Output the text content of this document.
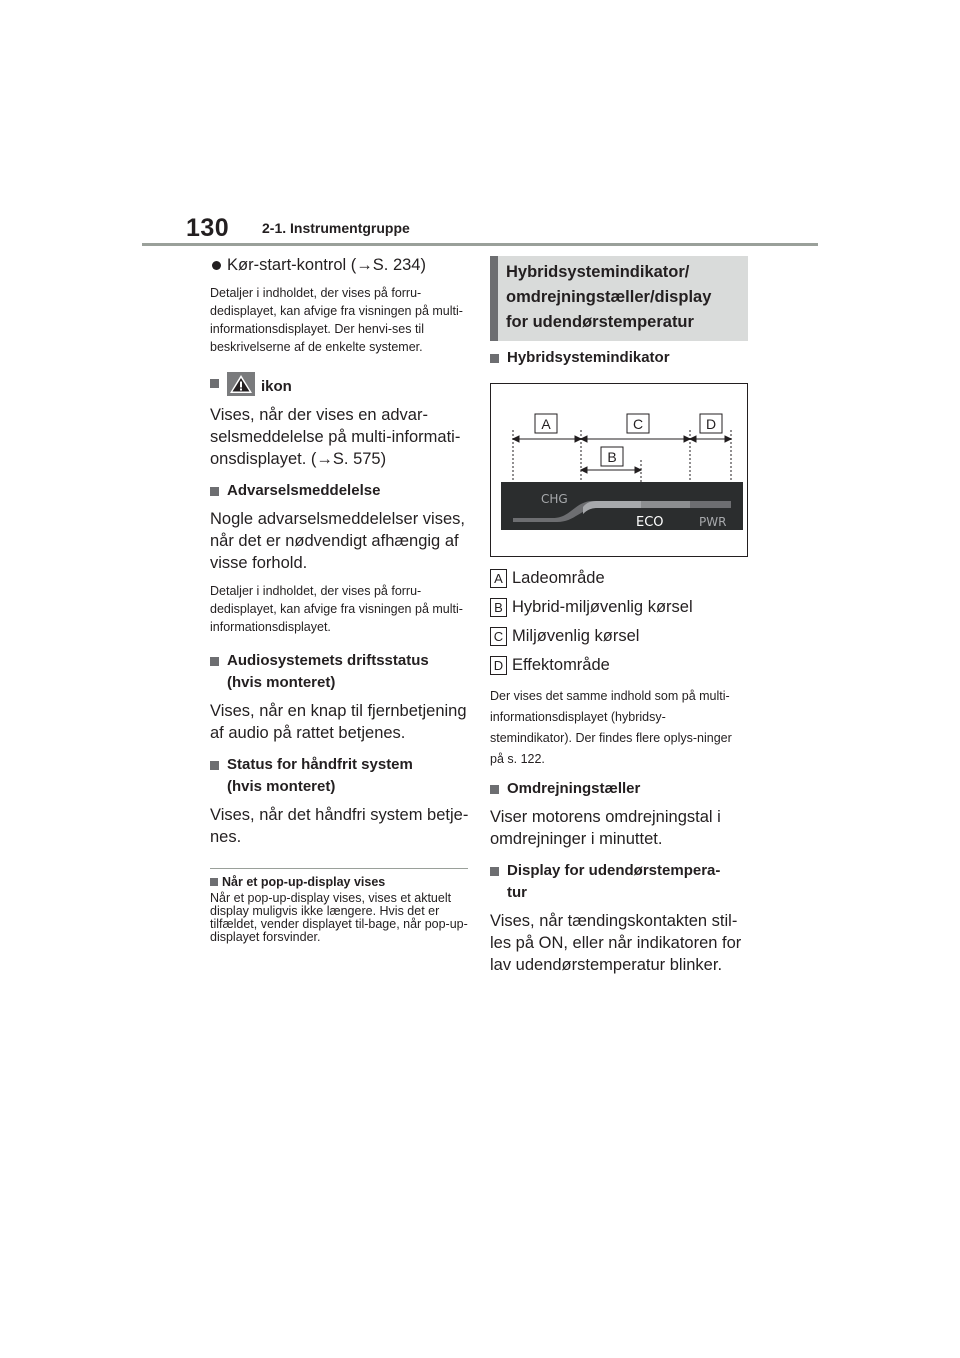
130 2-1. Instrumentgruppe

Kør-start-kontrol (→S. 234)

Detaljer i indholdet, der vises på forru-dedisplayet, kan afvige fra visningen på multi-informationsdisplayet. Der henvi-ses til beskrivelserne af de enkelte systemer.

ikon

Vises, når der vises en advar-selsmeddelelse på multi-informati-onsdisplayet. (→S. 575)

Advarselsmeddelelse

Nogle advarselsmeddelelser vises, når det er nødvendigt afhængig af visse forhold.

Detaljer i indholdet, der vises på forru-dedisplayet, kan afvige fra visningen på multi-informationsdisplayet.

Audiosystemets driftsstatus
(hvis monteret)

Vises, når en knap til fjernbetjening af audio på rattet betjenes.

Status for håndfrit system
(hvis monteret)

Vises, når det håndfri system betje-nes.

Når et pop-up-display vises

Når et pop-up-display vises, vises et aktuelt display muligvis ikke længere. Hvis det er tilfældet, vender displayet til-bage, når pop-up-displayet forsvinder.

Hybridsystemindikator/
omdrejningstæller/display
for udendørstemperatur

Hybridsystemindikator

A	C	D
B
CHG
ECO	PWR

A Ladeområde

B Hybrid-miljøvenlig kørsel

C Miljøvenlig kørsel

D Effektområde

Der vises det samme indhold som på multi-informationsdisplayet (hybridsy-stemindikator). Der findes flere oplys-ninger på s. 122.

Omdrejningstæller

Viser motorens omdrejningstal i omdrejninger i minuttet.

Display for udendørstempera-
tur

Vises, når tændingskontakten stil-les på ON, eller når indikatoren for lav udendørstemperatur blinker.
